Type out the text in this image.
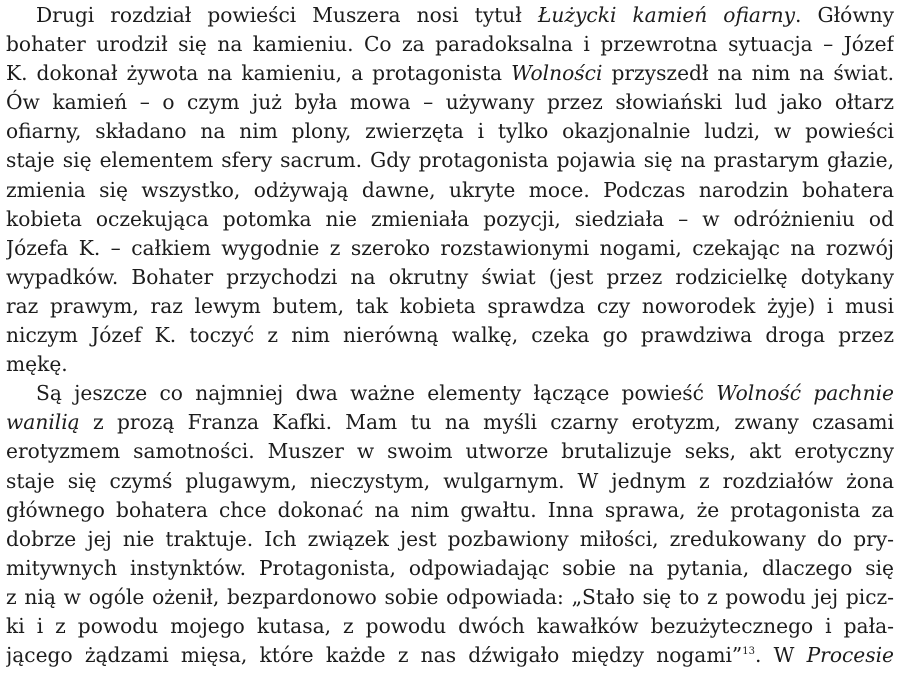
Drugi rozdział powieści Muszera nosi tytuł Łużycki kamień ofiarny. Główny
bohater urodził się na kamieniu. Co za paradoksalna i przewrotna sytuacja – Józef
K. dokonał żywota na kamieniu, a protagonista Wolności przyszedł na nim na świat.
Ów kamień – o czym już była mowa – używany przez słowiański lud jako ołtarz
ofiarny, składano na nim plony, zwierzęta i tylko okazjonalnie ludzi, w powieści
staje się elementem sfery sacrum. Gdy protagonista pojawia się na prastarym głazie,
zmienia się wszystko, odżywają dawne, ukryte moce. Podczas narodzin bohatera
kobieta oczekująca potomka nie zmieniała pozycji, siedziała – w odróżnieniu od
Józefa K. – całkiem wygodnie z szeroko rozstawionymi nogami, czekając na rozwój
wypadków. Bohater przychodzi na okrutny świat (jest przez rodzicielkę dotykany
raz prawym, raz lewym butem, tak kobieta sprawdza czy noworodek żyje) i musi
niczym Józef K. toczyć z nim nierówną walkę, czeka go prawdziwa droga przez
mękę.
Są jeszcze co najmniej dwa ważne elementy łączące powieść Wolność pachnie
wanilią z prozą Franza Kafki. Mam tu na myśli czarny erotyzm, zwany czasami
erotyzmem samotności. Muszer w swoim utworze brutalizuje seks, akt erotyczny
staje się czymś plugawym, nieczystym, wulgarnym. W jednym z rozdziałów żona
głównego bohatera chce dokonać na nim gwałtu. Inna sprawa, że protagonista za
dobrze jej nie traktuje. Ich związek jest pozbawiony miłości, zredukowany do pry-
mitywnych instynktów. Protagonista, odpowiadając sobie na pytania, dlaczego się
z nią w ogóle ożenił, bezpardonowo sobie odpowiada: „Stało się to z powodu jej picz-
ki i z powodu mojego kutasa, z powodu dwóch kawałków bezużytecznego i pała-
jącego żądzami mięsa, które każde z nas dźwigało między nogami”$^{13}$. W Procesie
